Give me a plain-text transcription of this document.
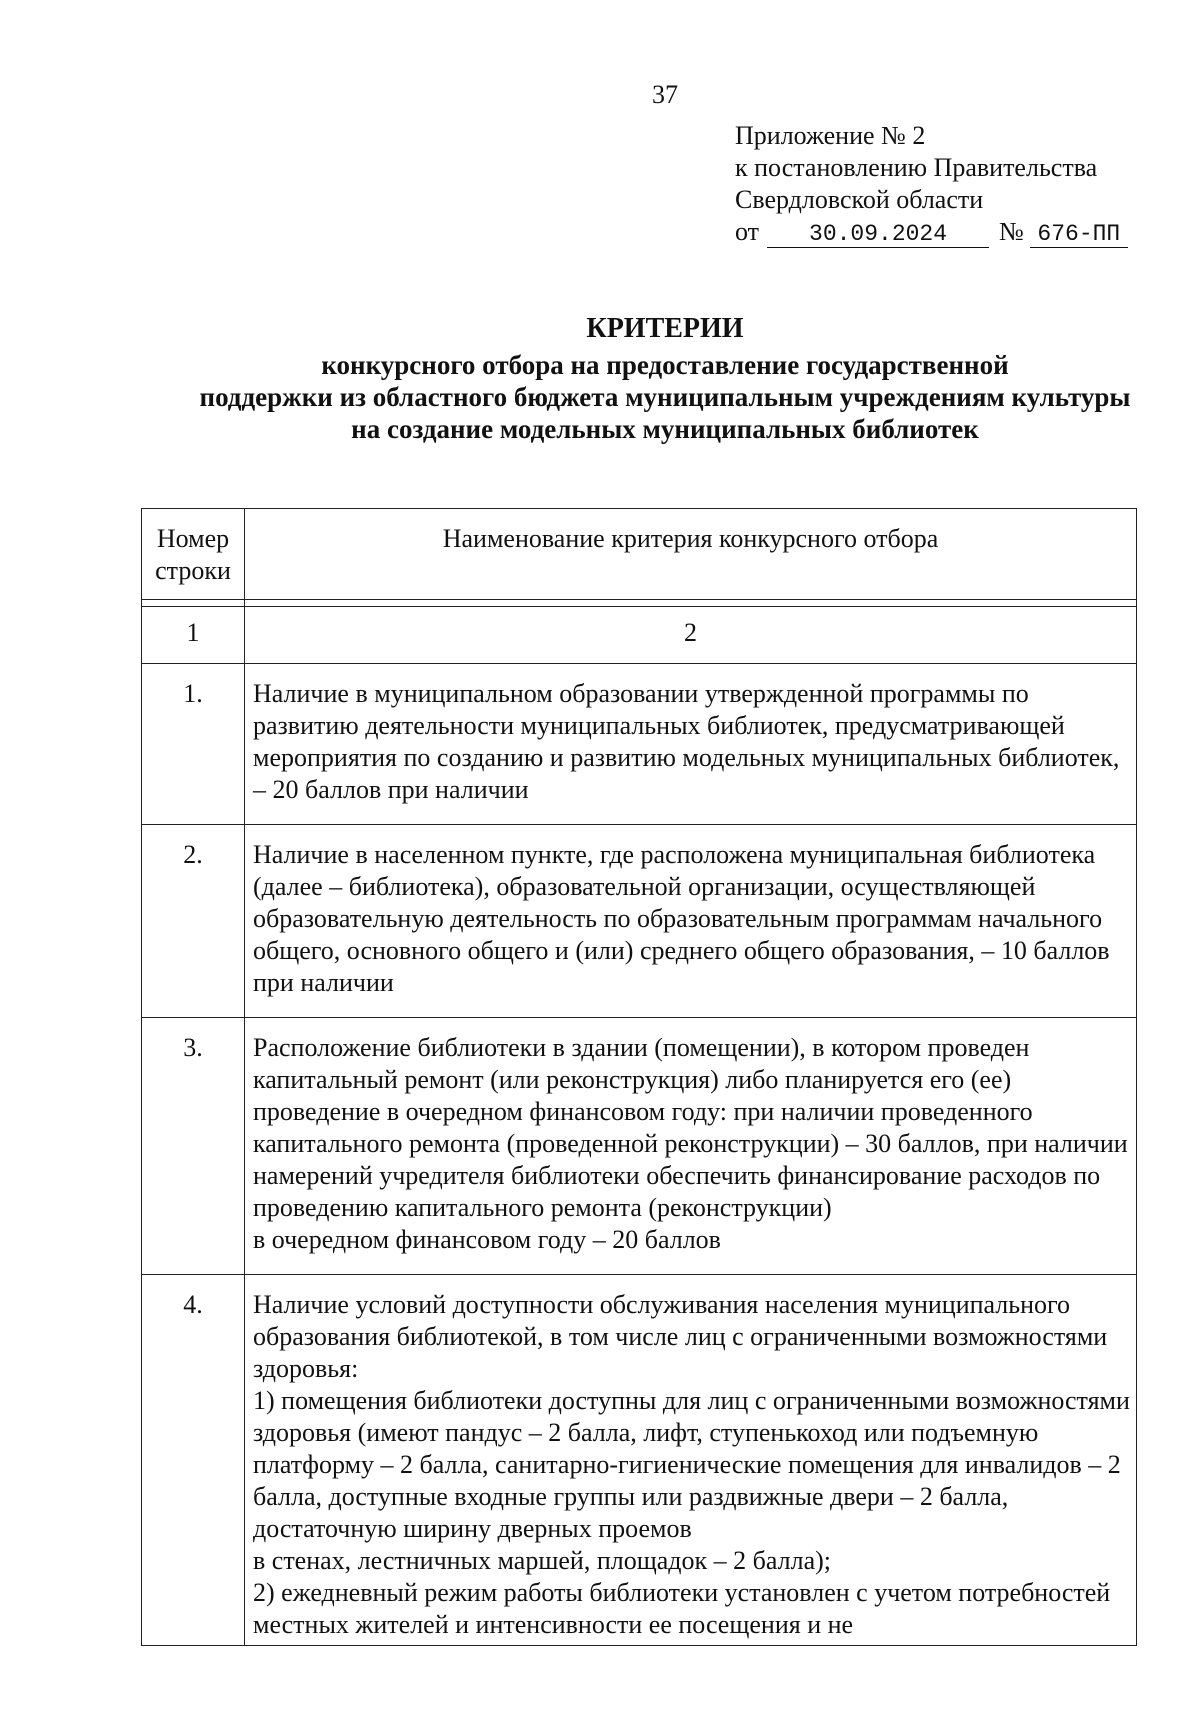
37
Приложение № 2
к постановлению Правительства
Свердловской области
от 30.09.2024 № 676-ПП
КРИТЕРИИ
конкурсного отбора на предоставление государственной
поддержки из областного бюджета муниципальным учреждениям культуры
на создание модельных муниципальных библиотек
Номер строки	Наименование критерия конкурсного отбора

1	2
1.	Наличие в муниципальном образовании утвержденной программы по развитию деятельности муниципальных библиотек, предусматривающей мероприятия по созданию и развитию модельных муниципальных библиотек, – 20 баллов при наличии

2.	Наличие в населенном пункте, где расположена муниципальная библиотека (далее – библиотека), образовательной организации, осуществляющей образовательную деятельность по образовательным программам начального общего, основного общего и (или) среднего общего образования, – 10 баллов при наличии

3.	Расположение библиотеки в здании (помещении), в котором проведен капитальный ремонт (или реконструкция) либо планируется его (ее) проведение в очередном финансовом году: при наличии проведенного капитального ремонта (проведенной реконструкции) – 30 баллов, при наличии намерений учредителя библиотеки обеспечить финансирование расходов по проведению капитального ремонта (реконструкции)

в очередном финансовом году – 20 баллов

4.	Наличие условий доступности обслуживания населения муниципального образования библиотекой, в том числе лиц с ограниченными возможностями здоровья:

1) помещения библиотеки доступны для лиц с ограниченными возможностями здоровья (имеют пандус – 2 балла, лифт, ступенькоход или подъемную платформу – 2 балла, санитарно-гигиенические помещения для инвалидов – 2 балла, доступные входные группы или раздвижные двери – 2 балла, достаточную ширину дверных проемов

в стенах, лестничных маршей, площадок – 2 балла);

2) ежедневный режим работы библиотеки установлен с учетом потребностей местных жителей и интенсивности ее посещения и не
